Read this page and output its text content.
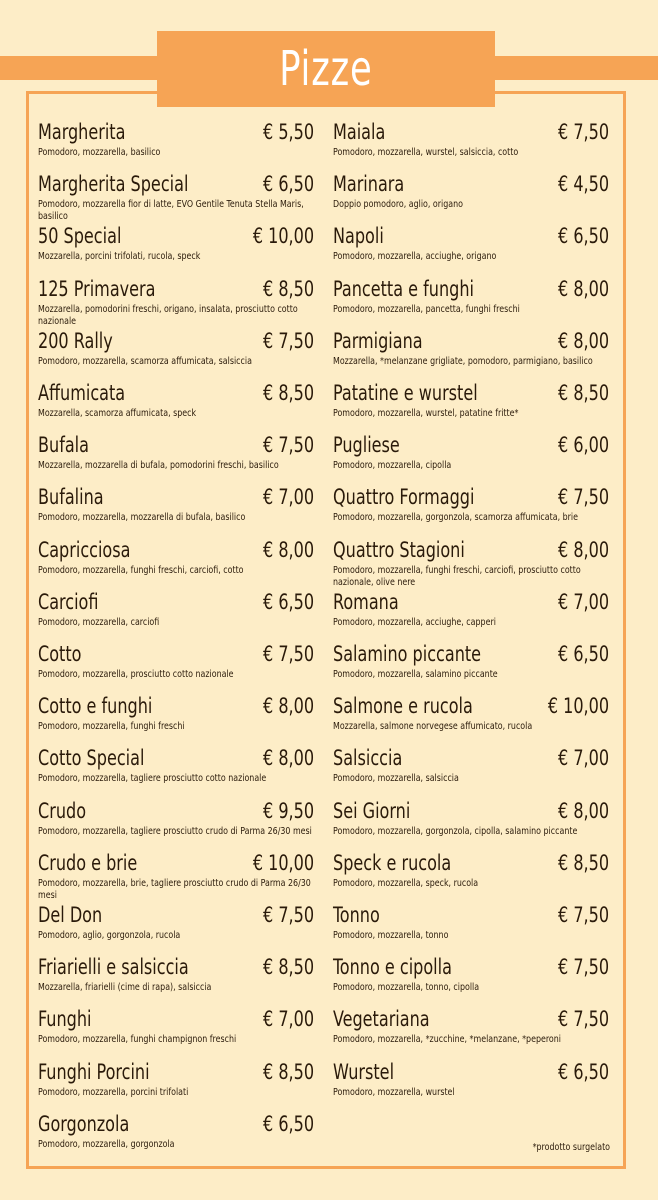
Pizze
Margherita	€ 5,50
Pomodoro, mozzarella, basilico
Margherita Special	€ 6,50
Pomodoro, mozzarella fior di latte, EVO Gentile Tenuta Stella Maris, basilico
50 Special	€ 10,00
Mozzarella, porcini trifolati, rucola, speck
125 Primavera	€ 8,50
Mozzarella, pomodorini freschi, origano, insalata, prosciutto cotto nazionale
200 Rally	€ 7,50
Pomodoro, mozzarella, scamorza affumicata, salsiccia
Affumicata	€ 8,50
Mozzarella, scamorza affumicata, speck
Bufala	€ 7,50
Mozzarella, mozzarella di bufala, pomodorini freschi, basilico
Bufalina	€ 7,00
Pomodoro, mozzarella, mozzarella di bufala, basilico
Capricciosa	€ 8,00
Pomodoro, mozzarella, funghi freschi, carciofi, cotto
Carciofi	€ 6,50
Pomodoro, mozzarella, carciofi
Cotto	€ 7,50
Pomodoro, mozzarella, prosciutto cotto nazionale
Cotto e funghi	€ 8,00
Pomodoro, mozzarella, funghi freschi
Cotto Special	€ 8,00
Pomodoro, mozzarella, tagliere prosciutto cotto nazionale
Crudo	€ 9,50
Pomodoro, mozzarella, tagliere prosciutto crudo di Parma 26/30 mesi
Crudo e brie	€ 10,00
Pomodoro, mozzarella, brie, tagliere prosciutto crudo di Parma 26/30 mesi
Del Don	€ 7,50
Pomodoro, aglio, gorgonzola, rucola
Friarielli e salsiccia	€ 8,50
Mozzarella, friarielli (cime di rapa), salsiccia
Funghi	€ 7,00
Pomodoro, mozzarella, funghi champignon freschi
Funghi Porcini	€ 8,50
Pomodoro, mozzarella, porcini trifolati
Gorgonzola	€ 6,50
Pomodoro, mozzarella, gorgonzola
Maiala	€ 7,50
Pomodoro, mozzarella, wurstel, salsiccia, cotto
Marinara	€ 4,50
Doppio pomodoro, aglio, origano
Napoli	€ 6,50
Pomodoro, mozzarella, acciughe, origano
Pancetta e funghi	€ 8,00
Pomodoro, mozzarella, pancetta, funghi freschi
Parmigiana	€ 8,00
Mozzarella, *melanzane grigliate, pomodoro, parmigiano, basilico
Patatine e wurstel	€ 8,50
Pomodoro, mozzarella, wurstel, patatine fritte*
Pugliese	€ 6,00
Pomodoro, mozzarella, cipolla
Quattro Formaggi	€ 7,50
Pomodoro, mozzarella, gorgonzola, scamorza affumicata, brie
Quattro Stagioni	€ 8,00
Pomodoro, mozzarella, funghi freschi, carciofi, prosciutto cotto nazionale, olive nere
Romana	€ 7,00
Pomodoro, mozzarella, acciughe, capperi
Salamino piccante	€ 6,50
Pomodoro, mozzarella, salamino piccante
Salmone e rucola	€ 10,00
Mozzarella, salmone norvegese affumicato, rucola
Salsiccia	€ 7,00
Pomodoro, mozzarella, salsiccia
Sei Giorni	€ 8,00
Pomodoro, mozzarella, gorgonzola, cipolla, salamino piccante
Speck e rucola	€ 8,50
Pomodoro, mozzarella, speck, rucola
Tonno	€ 7,50
Pomodoro, mozzarella, tonno
Tonno e cipolla	€ 7,50
Pomodoro, mozzarella, tonno, cipolla
Vegetariana	€ 7,50
Pomodoro, mozzarella, *zucchine, *melanzane, *peperoni
Wurstel	€ 6,50
Pomodoro, mozzarella, wurstel
*prodotto surgelato
